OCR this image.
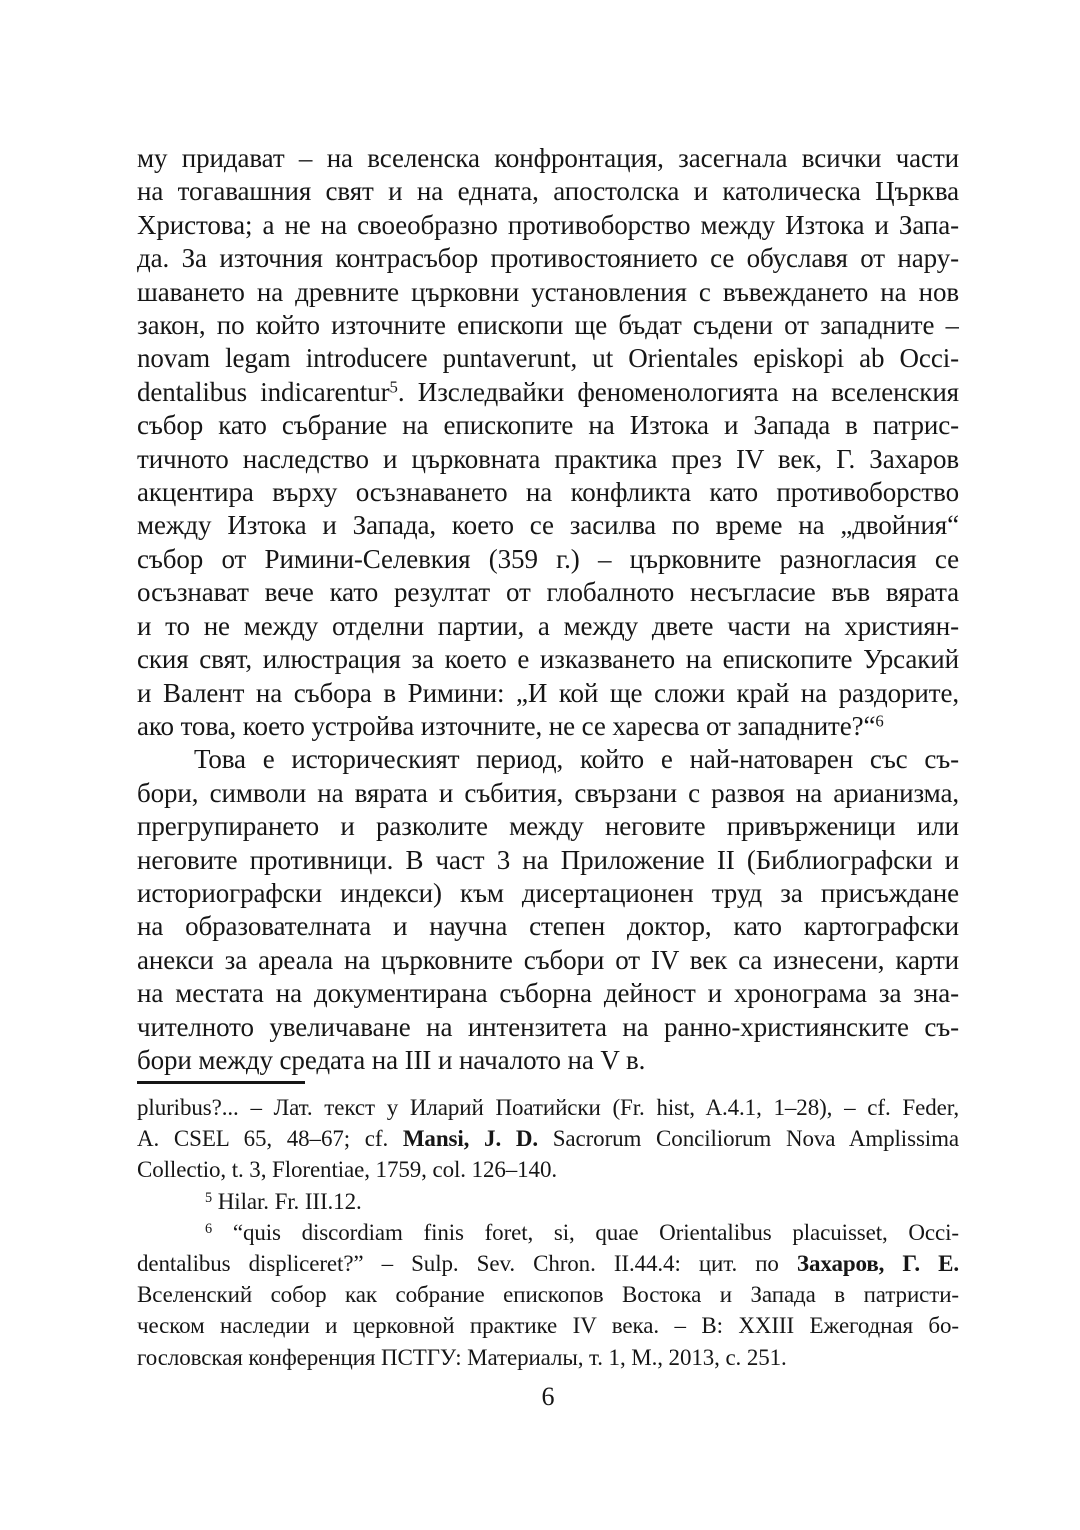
му придават – на вселенска конфронтация, засегнала всички части
на тогавашния свят и на едната, апостолска и католическа Църква
Христова; а не на своеобразно противоборство между Изтока и Запа-
да. За източния контрасъбор противостоянието се обуславя от нару-
шаването на древните църковни установления с въвеждането на нов
закон, по който източните епископи ще бъдат съдени от западните –
novam legam introducere puntaverunt, ut Orientales episkopi ab Occi-
dentalibus indicarentur$^5$. Изследвайки феноменологията на вселенския
събор като събрание на епископите на Изтока и Запада в патрис-
тичното наследство и църковната практика през IV век, Г. Захаров
акцентира върху осъзнаването на конфликта като противоборство
между Изтока и Запада, което се засилва по време на „двойния“
събор от Римини-Селевкия (359 г.) – църковните разногласия се
осъзнават вече като резултат от глобалното несъгласие във вярата
и то не между отделни партии, а между двете части на християн-
ския свят, илюстрация за което е изказването на епископите Урсакий
и Валент на събора в Римини: „И кой ще сложи край на раздорите,
ако това, което устройва източните, не се харесва от западните?“$^6$
Това е историческият период, който е най-натоварен със съ-
бори, символи на вярата и събития, свързани с развоя на арианизма,
прегрупирането и разколите между неговите привърженици или
неговите противници. В част 3 на Приложение II (Библиографски и
историографски индекси) към дисертационен труд за присъждане
на образователната и научна степен доктор, като картографски
анекси за ареала на църковните събори от IV век са изнесени, карти
на местата на документирана съборна дейност и хронограма за зна-
чителното увеличаване на интензитета на ранно-християнските съ-
бори между средата на III и началото на V в.
pluribus?... – Лат. текст у Иларий Поатийски (Fr. hist, A.4.1, 1–28), – cf. Feder,
A. CSEL 65, 48–67; cf. Mansi, J. D. Sacrorum Conciliorum Nova Amplissima
Collectio, t. 3, Florentiae, 1759, col. 126–140.
$^5$ Hilar. Fr. III.12.
$^6$ “quis discordiam finis foret, si, quae Orientalibus placuisset, Occi-
dentalibus displiceret?” – Sulp. Sev. Chron. II.44.4: цит. по Захаров, Г. Е.
Вселенский собор как собрание епископов Востока и Запада в патристи-
ческом наследии и церковной практике IV века. – В: XXIII Ежегодная бо-
гословская конференция ПСТГУ: Материалы, т. 1, М., 2013, с. 251.
6
